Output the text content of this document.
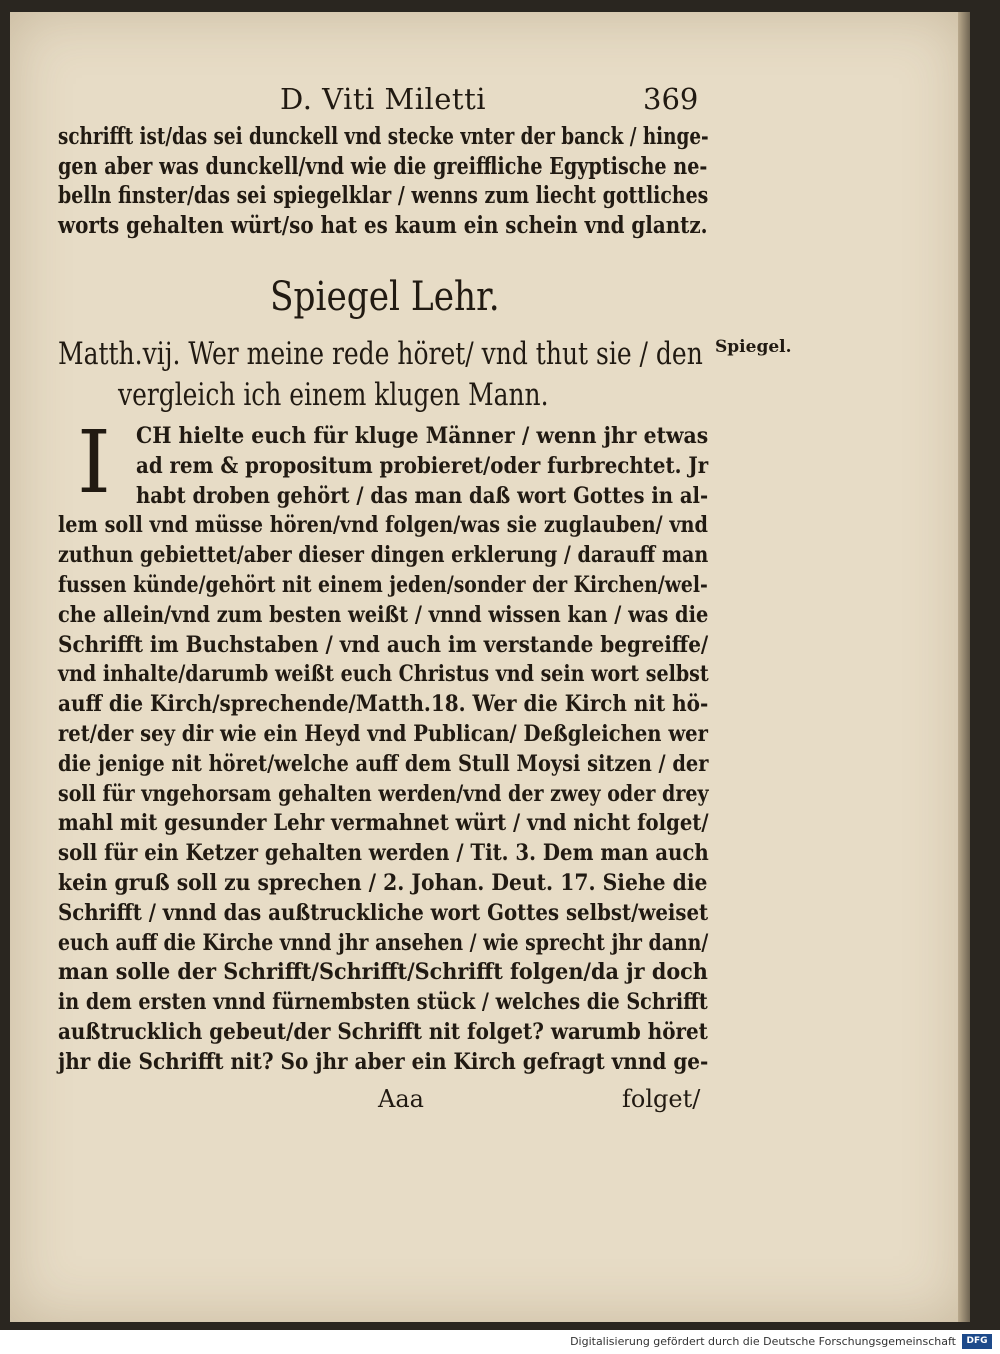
D. Viti Miletti	369
schrifft ist/das sei dunckell vnd stecke vnter der banck / hinge-
gen aber was dunckell/vnd wie die greiffliche Egyptische ne-
belln finster/das sei spiegelklar / wenns zum liecht gottliches
worts gehalten würt/so hat es kaum ein schein vnd glantz.
Spiegel Lehr.
Matth.vij. Wer meine rede höret/ vnd thut sie / den
vergleich ich einem klugen Mann.
Spiegel.
I	CH hielte euch für kluge Männer / wenn jhr etwas
ad rem & propositum probieret/oder furbrechtet. Jr
habt droben gehört / das man daß wort Gottes in al-
lem soll vnd müsse hören/vnd folgen/was sie zuglauben/ vnd
zuthun gebiettet/aber dieser dingen erklerung / darauff man
fussen künde/gehört nit einem jeden/sonder der Kirchen/wel-
che allein/vnd zum besten weißt / vnnd wissen kan / was die
Schrifft im Buchstaben / vnd auch im verstande begreiffe/
vnd inhalte/darumb weißt euch Christus vnd sein wort selbst
auff die Kirch/sprechende/Matth.18. Wer die Kirch nit hö-
ret/der sey dir wie ein Heyd vnd Publican/ Deßgleichen wer
die jenige nit höret/welche auff dem Stull Moysi sitzen / der
soll für vngehorsam gehalten werden/vnd der zwey oder drey
mahl mit gesunder Lehr vermahnet würt / vnd nicht folget/
soll für ein Ketzer gehalten werden / Tit. 3. Dem man auch
kein gruß soll zu sprechen / 2. Johan. Deut. 17. Siehe die
Schrifft / vnnd das außtruckliche wort Gottes selbst/weiset
euch auff die Kirche vnnd jhr ansehen / wie sprecht jhr dann/
man solle der Schrifft/Schrifft/Schrifft folgen/da jr doch
in dem ersten vnnd fürnembsten stück / welches die Schrifft
außtrucklich gebeut/der Schrifft nit folget? warumb höret
jhr die Schrifft nit? So jhr aber ein Kirch gefragt vnnd ge-
Aaa	folget/
Digitalisierung gefördert durch die Deutsche Forschungsgemeinschaft	DFG
